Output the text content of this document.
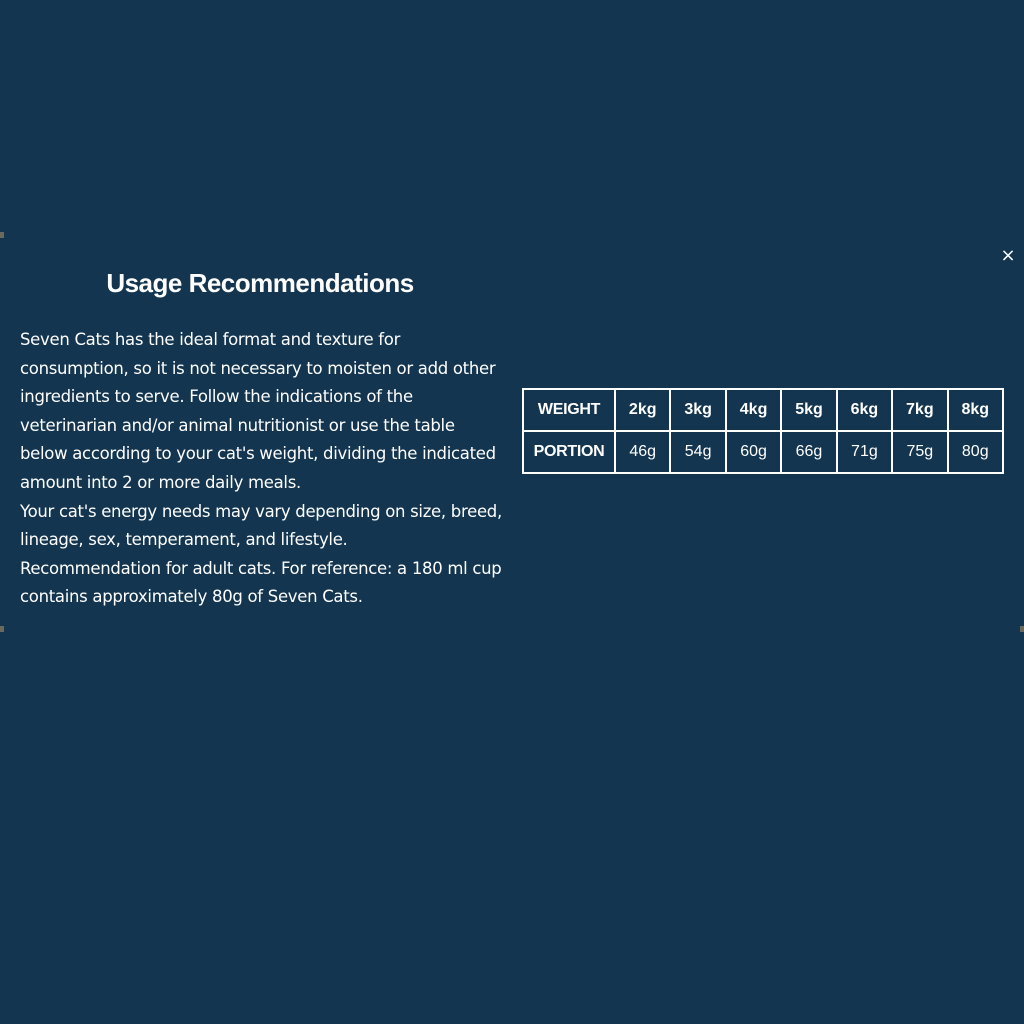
×
Usage Recommendations

Seven Cats has the ideal format and texture for consumption, so it is not necessary to moisten or add other ingredients to serve. Follow the indications of the veterinarian and/or animal nutritionist or use the table below according to your cat's weight, dividing the indicated amount into 2 or more daily meals.

Your cat's energy needs may vary depending on size, breed, lineage, sex, temperament, and lifestyle.

Recommendation for adult cats. For reference: a 180 ml cup contains approximately 80g of Seven Cats.

WEIGHT	2kg	3kg	4kg	5kg	6kg	7kg	8kg
PORTION	46g	54g	60g	66g	71g	75g	80g
